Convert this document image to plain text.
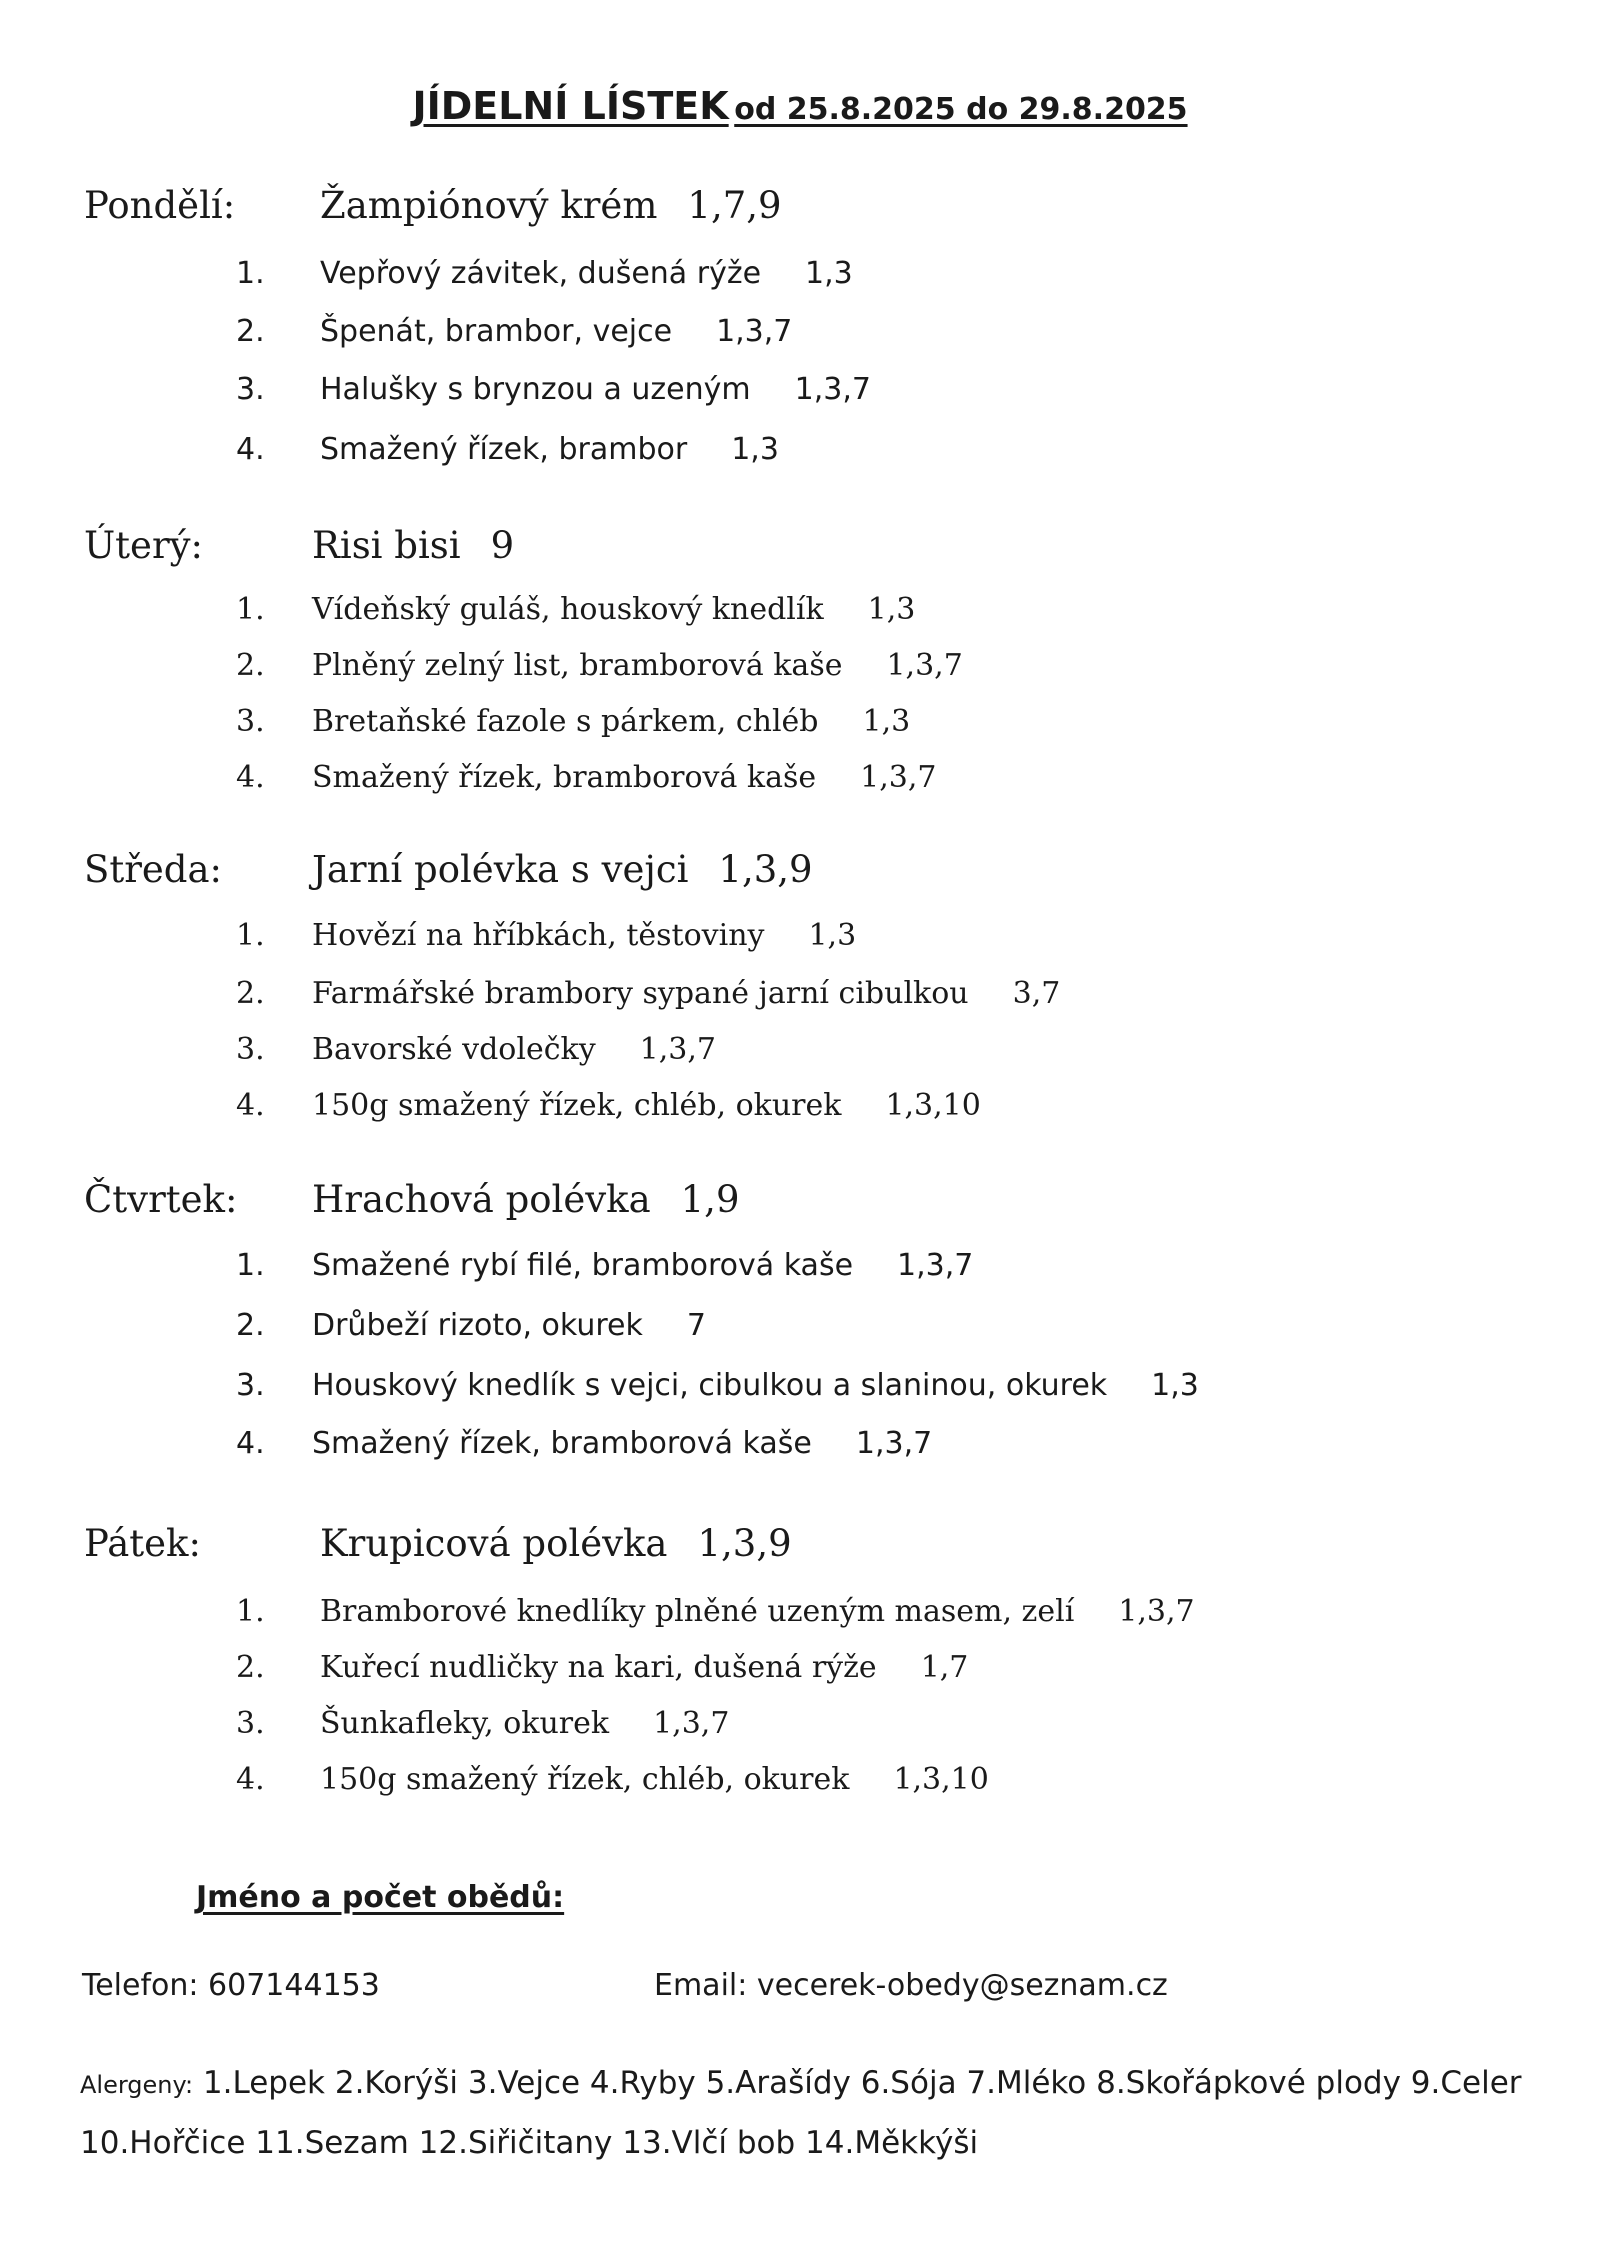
JÍDELNÍ LÍSTEK od 25.8.2025 do 29.8.2025
Pondělí: Žampiónový krém 1,7,9
1. Vepřový závitek, dušená rýže 1,3
2. Špenát, brambor, vejce 1,3,7
3. Halušky s brynzou a uzeným 1,3,7
4. Smažený řízek, brambor 1,3
Úterý:	Risi bisi 9
1. Vídeňský guláš, houskový knedlík 1,3
2. Plněný zelný list, bramborová kaše 1,3,7
3. Bretaňské fazole s párkem, chléb 1,3
4. Smažený řízek, bramborová kaše 1,3,7
Středa: Jarní polévka s vejci 1,3,9
1. Hovězí na hříbkách, těstoviny 1,3
2. Farmářské brambory sypané jarní cibulkou 3,7
3. Bavorské vdolečky 1,3,7
4. 150g smažený řízek, chléb, okurek 1,3,10
Čtvrtek: Hrachová polévka 1,9
1. Smažené rybí filé, bramborová kaše 1,3,7
2. Drůbeží rizoto, okurek 7
3. Houskový knedlík s vejci, cibulkou a slaninou, okurek 1,3
4. Smažený řízek, bramborová kaše 1,3,7
Pátek:	Krupicová polévka 1,3,9
1. Bramborové knedlíky plněné uzeným masem, zelí 1,3,7
2. Kuřecí nudličky na kari, dušená rýže 1,7
3. Šunkafleky, okurek 1,3,7
4. 150g smažený řízek, chléb, okurek 1,3,10
Jméno a počet obědů:
Telefon: 607144153	Email: vecerek-obedy@seznam.cz
Alergeny: 1.Lepek 2.Korýši 3.Vejce 4.Ryby 5.Arašídy 6.Sója 7.Mléko 8.Skořápkové plody 9.Celer 10.Hořčice 11.Sezam 12.Siřičitany 13.Vlčí bob 14.Měkkýši
